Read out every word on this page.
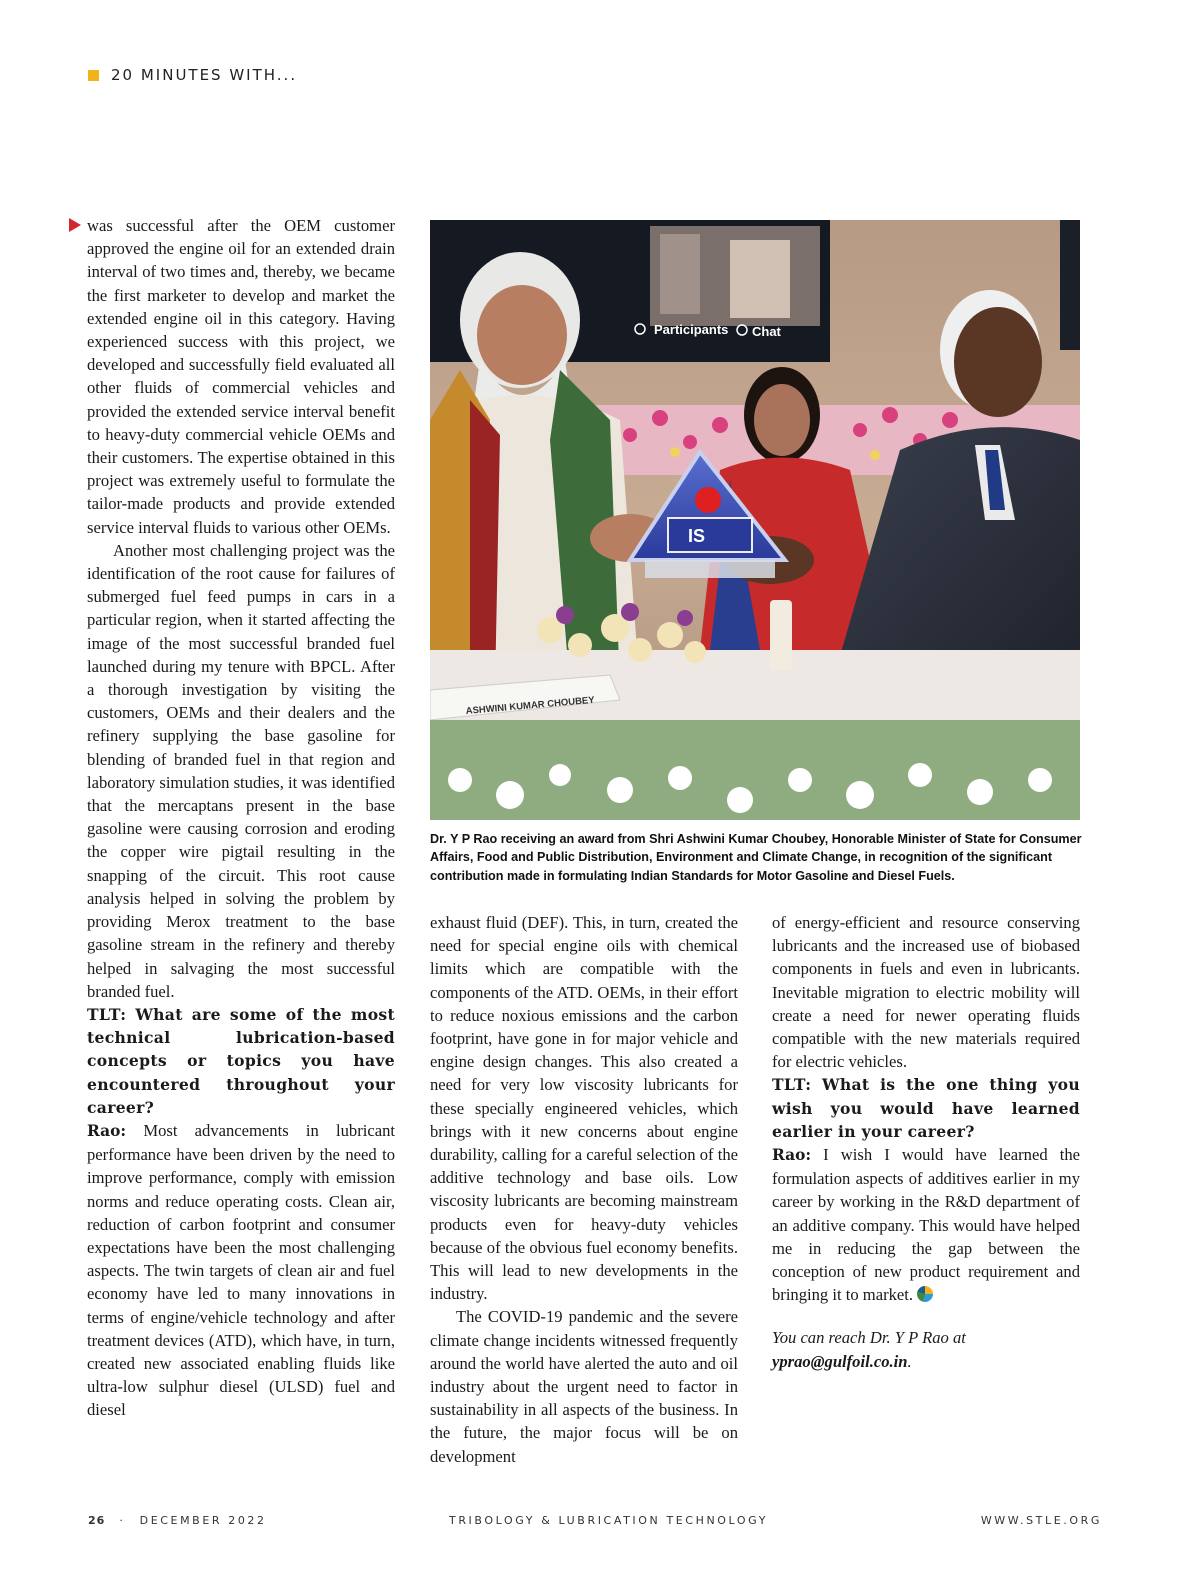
20 MINUTES WITH...

was successful after the OEM customer approved the engine oil for an extended drain interval of two times and, thereby, we became the first marketer to develop and market the extended engine oil in this category. Having experienced success with this project, we developed and successfully field evaluated all other fluids of commercial vehicles and provided the extended service interval benefit to heavy-duty commercial vehicle OEMs and their customers. The expertise obtained in this project was extremely useful to formulate the tailor-made products and provide extended service interval fluids to various other OEMs.

Another most challenging project was the identification of the root cause for failures of submerged fuel feed pumps in cars in a particular region, when it started affecting the image of the most successful branded fuel launched during my tenure with BPCL. After a thorough investigation by visiting the customers, OEMs and their dealers and the refinery supplying the base gasoline for blending of branded fuel in that region and laboratory simulation studies, it was identified that the mercaptans present in the base gasoline were causing corrosion and eroding the copper wire pigtail resulting in the snapping of the circuit. This root cause analysis helped in solving the problem by providing Merox treatment to the base gasoline stream in the refinery and thereby helped in salvaging the most successful branded fuel.

TLT: What are some of the most technical lubrication-based concepts or topics you have encountered throughout your career?

Rao: Most advancements in lubricant performance have been driven by the need to improve performance, comply with emission norms and reduce operating costs. Clean air, reduction of carbon footprint and consumer expectations have been the most challenging aspects. The twin targets of clean air and fuel economy have led to many innovations in terms of engine/vehicle technology and after treatment devices (ATD), which have, in turn, created new associated enabling fluids like ultra-low sulphur diesel (ULSD) fuel and diesel

Participants Chat
IS
ASHWINI KUMAR CHOUBEY

Dr. Y P Rao receiving an award from Shri Ashwini Kumar Choubey, Honorable Minister of State for Consumer Affairs, Food and Public Distribution, Environment and Climate Change, in recognition of the significant contribution made in formulating Indian Standards for Motor Gasoline and Diesel Fuels.

exhaust fluid (DEF). This, in turn, created the need for special engine oils with chemical limits which are compatible with the components of the ATD. OEMs, in their effort to reduce noxious emissions and the carbon footprint, have gone in for major vehicle and engine design changes. This also created a need for very low viscosity lubricants for these specially engineered vehicles, which brings with it new concerns about engine durability, calling for a careful selection of the additive technology and base oils. Low viscosity lubricants are becoming mainstream products even for heavy-duty vehicles because of the obvious fuel economy benefits. This will lead to new developments in the industry.

The COVID-19 pandemic and the severe climate change incidents witnessed frequently around the world have alerted the auto and oil industry about the urgent need to factor in sustainability in all aspects of the business. In the future, the major focus will be on development

of energy-efficient and resource conserving lubricants and the increased use of biobased components in fuels and even in lubricants. Inevitable migration to electric mobility will create a need for newer operating fluids compatible with the new materials required for electric vehicles.

TLT: What is the one thing you wish you would have learned earlier in your career?

Rao: I wish I would have learned the formulation aspects of additives earlier in my career by working in the R&D department of an additive company. This would have helped me in reducing the gap between the conception of new product requirement and bringing it to market.

You can reach Dr. Y P Rao at yprao@gulfoil.co.in.

26 · DECEMBER 2022	TRIBOLOGY & LUBRICATION TECHNOLOGY	WWW.STLE.ORG
